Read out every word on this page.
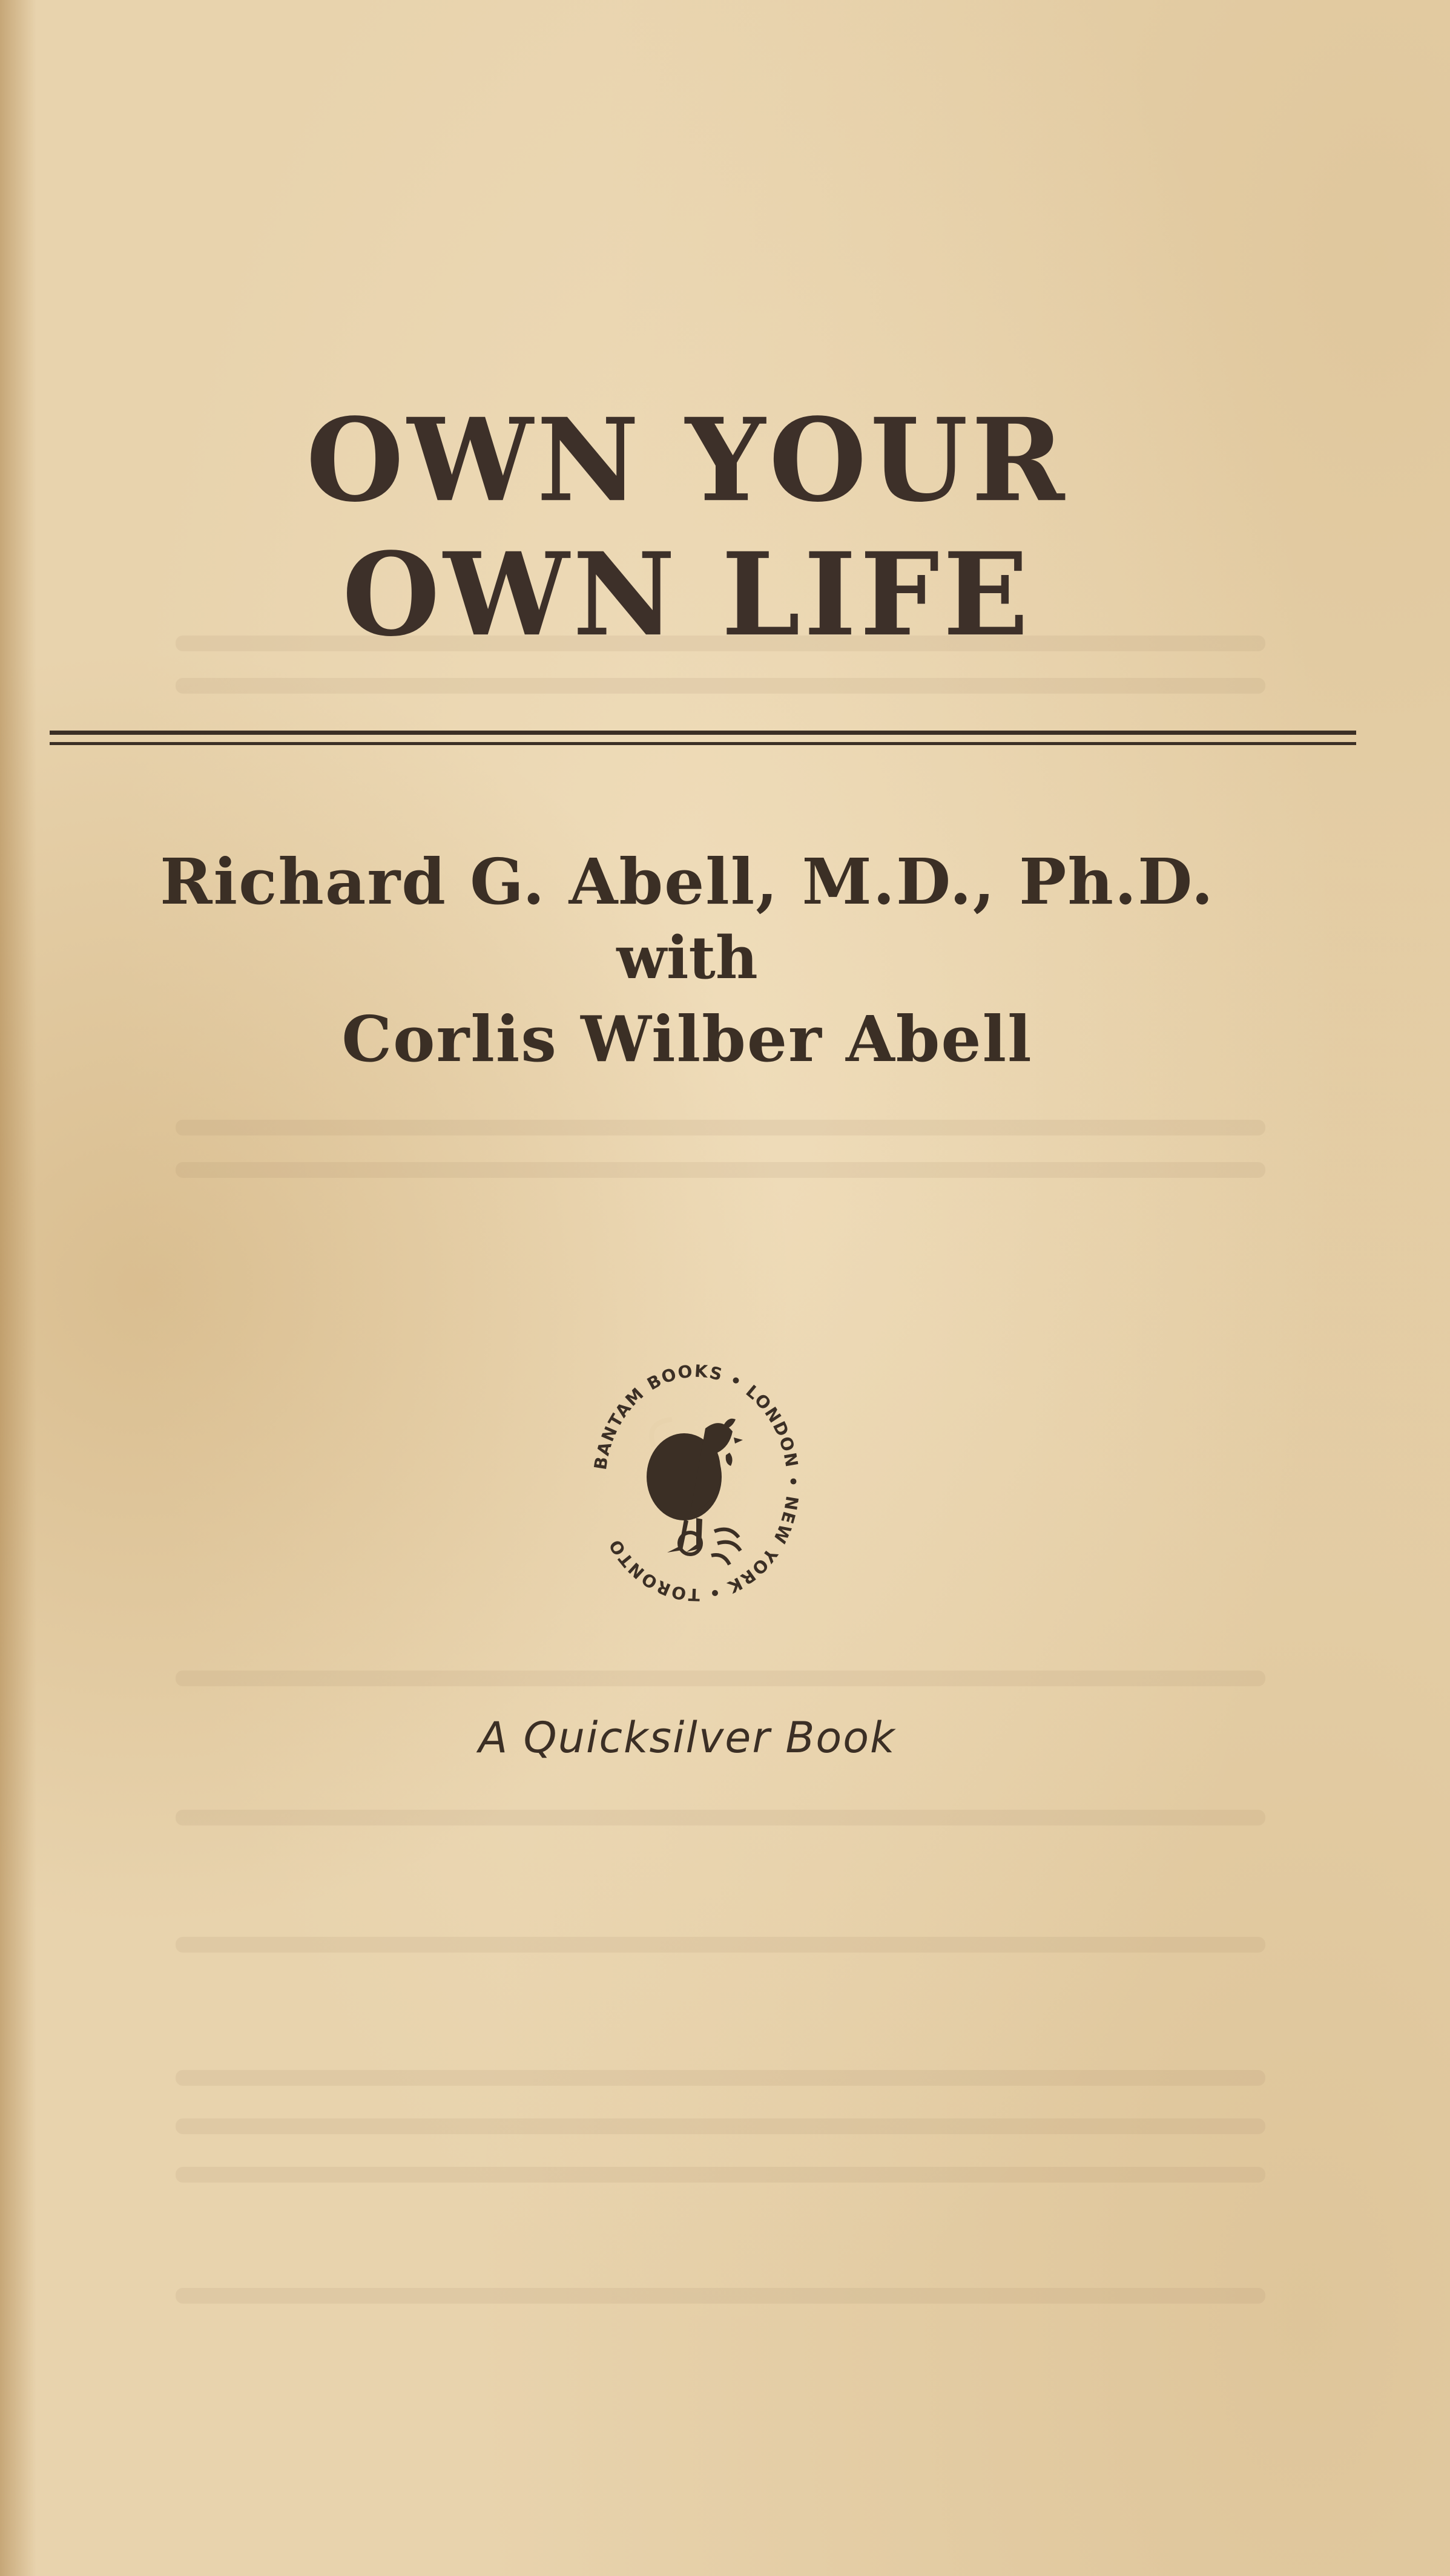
OWN YOUR
OWN LIFE
Richard G. Abell, M.D., Ph.D.
with
Corlis Wilber Abell
BANTAM BOOKS • LONDON • NEW YORK • TORONTO
A Quicksilver Book
